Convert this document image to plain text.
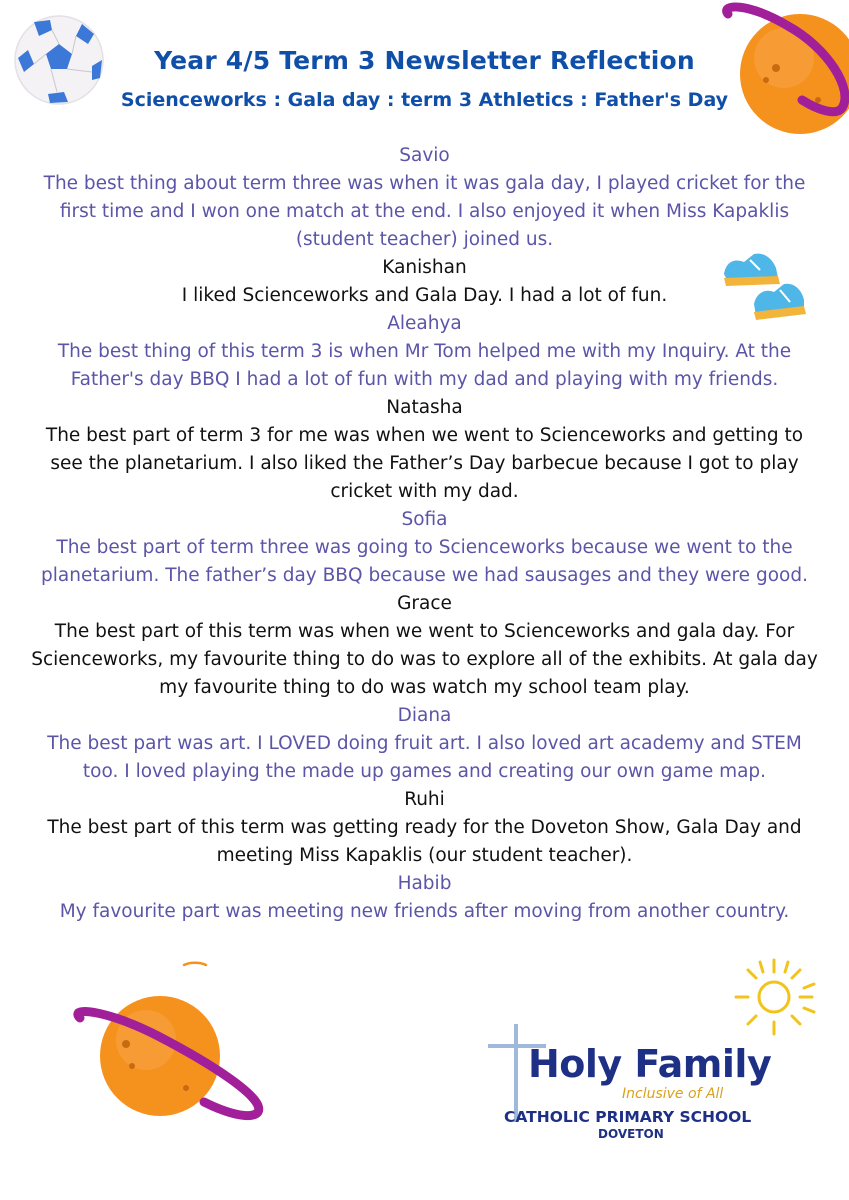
Year 4/5 Term 3 Newsletter Reflection
Scienceworks : Gala day : term 3 Athletics : Father's Day
Savio
The best thing about term three was when it was gala day, I played cricket for the first time and I won one match at the end. I also enjoyed it when Miss Kapaklis (student teacher) joined us.
Kanishan
I liked Scienceworks and Gala Day. I had a lot of fun.
Aleahya
The best thing of this term 3 is when Mr Tom helped me with my Inquiry. At the Father's day BBQ I had a lot of fun with my dad and playing with my friends.
Natasha
The best part of term 3 for me was when we went to Scienceworks and getting to see the planetarium. I also liked the Father’s Day barbecue because I got to play cricket with my dad.
Sofia
The best part of term three was going to Scienceworks because we went to the planetarium. The father’s day BBQ because we had sausages and they were good.
Grace
The best part of this term was when we went to Scienceworks and gala day. For Scienceworks, my favourite thing to do was to explore all of the exhibits. At gala day my favourite thing to do was watch my school team play.
Diana
The best part was art. I LOVED doing fruit art. I also loved art academy and STEM too. I loved playing the made up games and creating our own game map.
Ruhi
The best part of this term was getting ready for the Doveton Show, Gala Day and meeting Miss Kapaklis (our student teacher).
Habib
My favourite part was meeting new friends after moving from another country.
Holy Family
Inclusive of All
CATHOLIC PRIMARY SCHOOL
DOVETON
